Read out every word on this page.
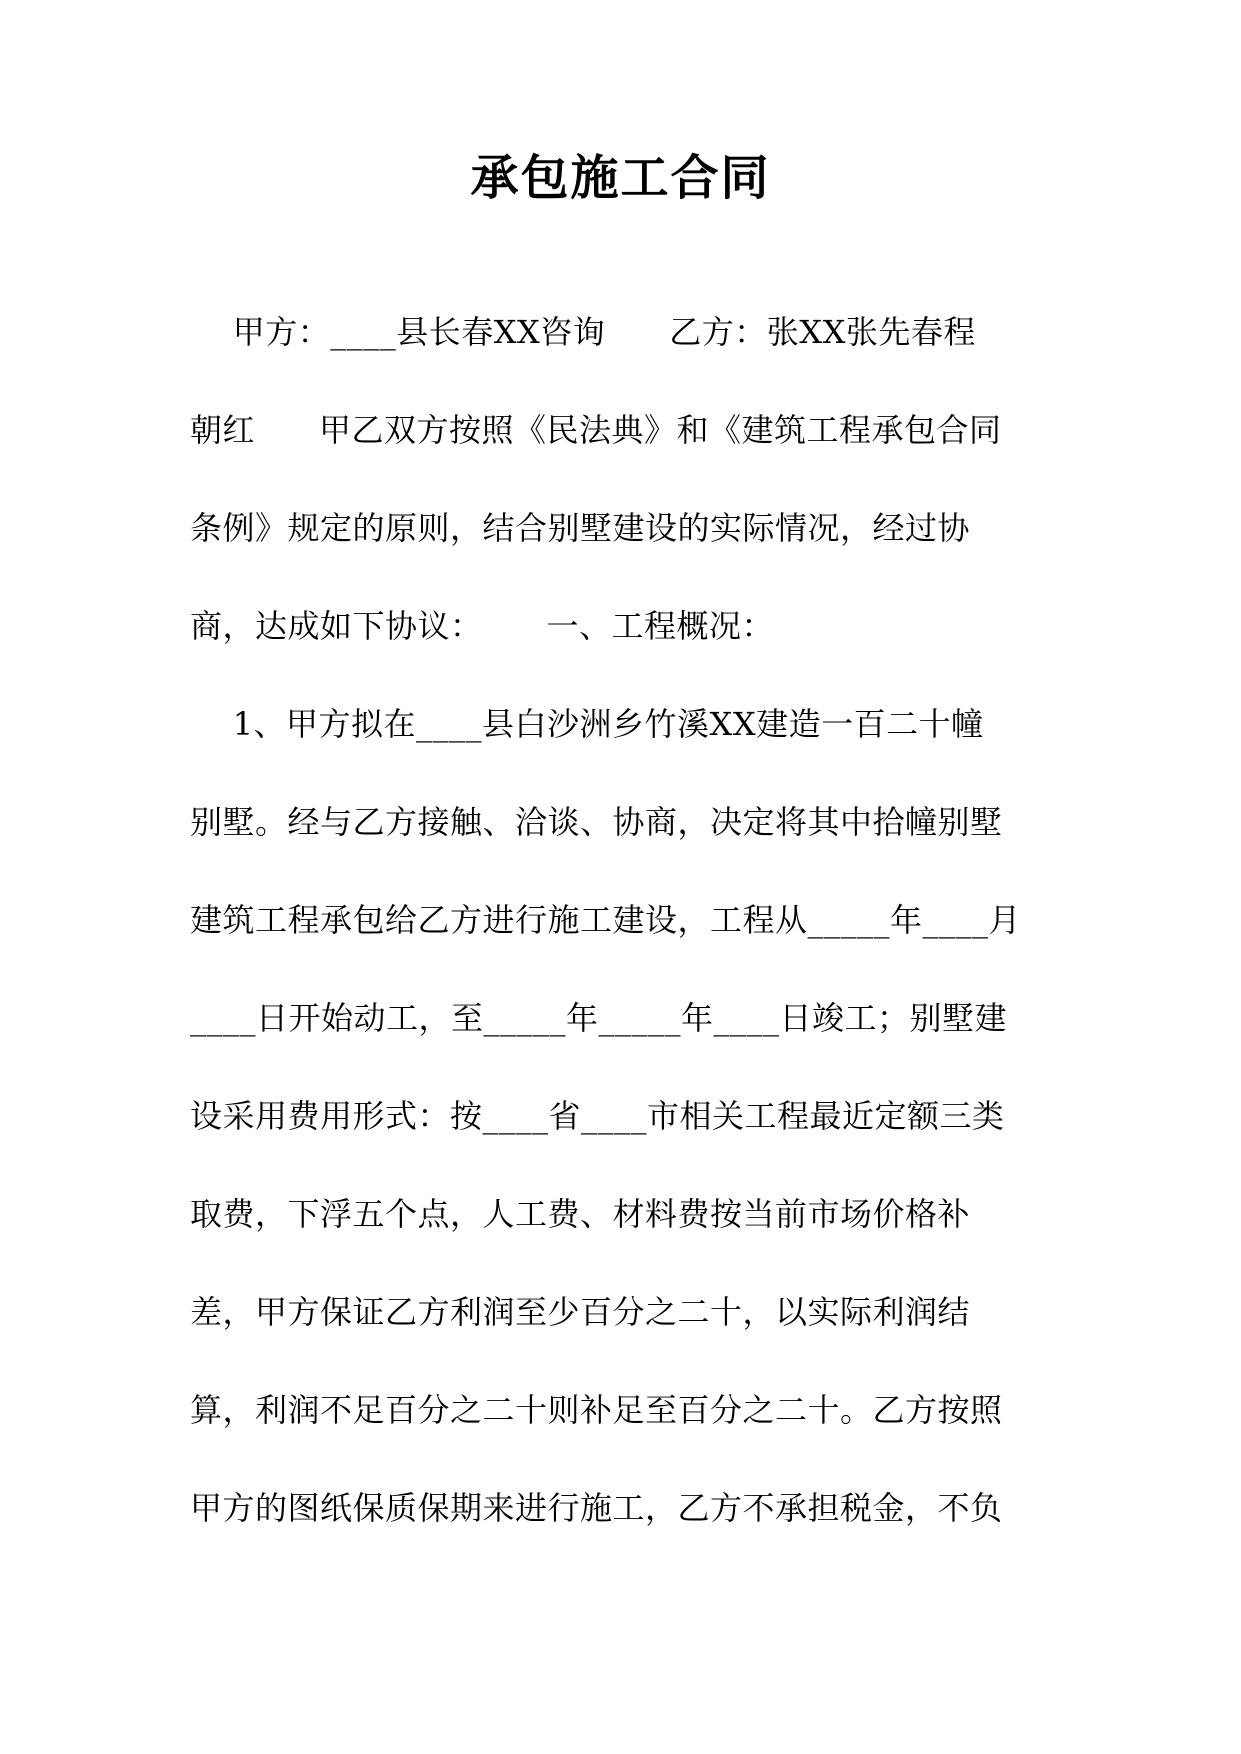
承包施工合同
甲方：____县长春XX咨询      乙方：张XX张先春程
朝红      甲乙双方按照《民法典》和《建筑工程承包合同
条例》规定的原则，结合别墅建设的实际情况，经过协
商，达成如下协议：      一、工程概况：
1、甲方拟在____县白沙洲乡竹溪XX建造一百二十幢
别墅。经与乙方接触、洽谈、协商，决定将其中拾幢别墅
建筑工程承包给乙方进行施工建设，工程从_____年____月
____日开始动工，至_____年_____年____日竣工；别墅建
设采用费用形式：按____省____市相关工程最近定额三类
取费，下浮五个点，人工费、材料费按当前市场价格补
差，甲方保证乙方利润至少百分之二十，以实际利润结
算，利润不足百分之二十则补足至百分之二十。乙方按照
甲方的图纸保质保期来进行施工，乙方不承担税金，不负
